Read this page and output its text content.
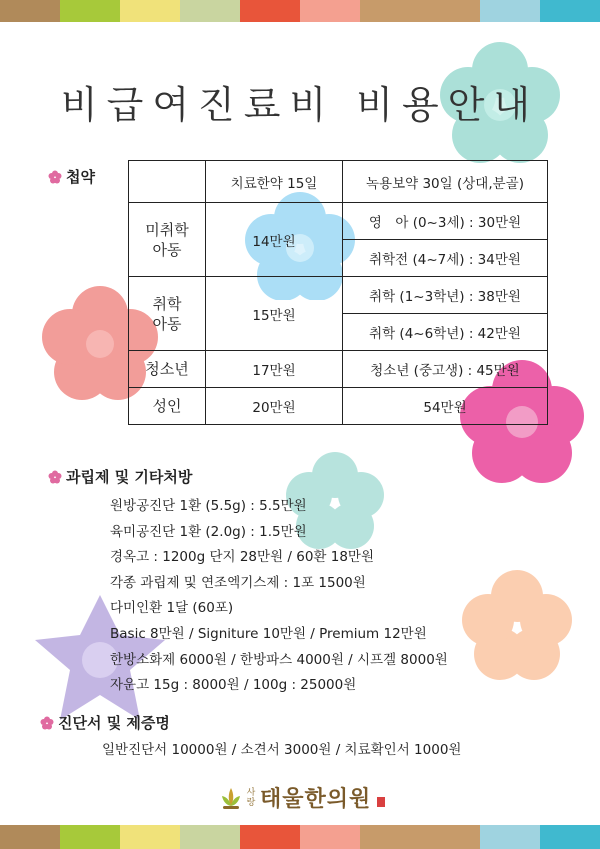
비급여진료비 비용안내
첩약
		치료한약 15일	녹용보약 30일 (상대,분골)
미취학
아동	14만원	영　아 (0~3세) : 30만원
		취학전 (4~7세) : 34만원
취학
아동	15만원	취학 (1~3학년) : 38만원
		취학 (4~6학년) : 42만원
청소년	17만원	청소년 (중고생) : 45만원
성인	20만원	54만원
과립제 및 기타처방
원방공진단 1환 (5.5g) : 5.5만원
육미공진단 1환 (2.0g) : 1.5만원
경옥고 : 1200g 단지 28만원 / 60환 18만원
각종 과립제 및 연조엑기스제 : 1포 1500원
다미인환 1달 (60포)
Basic 8만원 / Signiture 10만원 / Premium 12만원
한방소화제 6000원 / 한방파스 4000원 / 시프겔 8000원
자운고 15g : 8000원 / 100g : 25000원
진단서 및 제증명
일반진단서 10000원 / 소견서 3000원 / 치료확인서 1000원
사
랑 태울한의원
